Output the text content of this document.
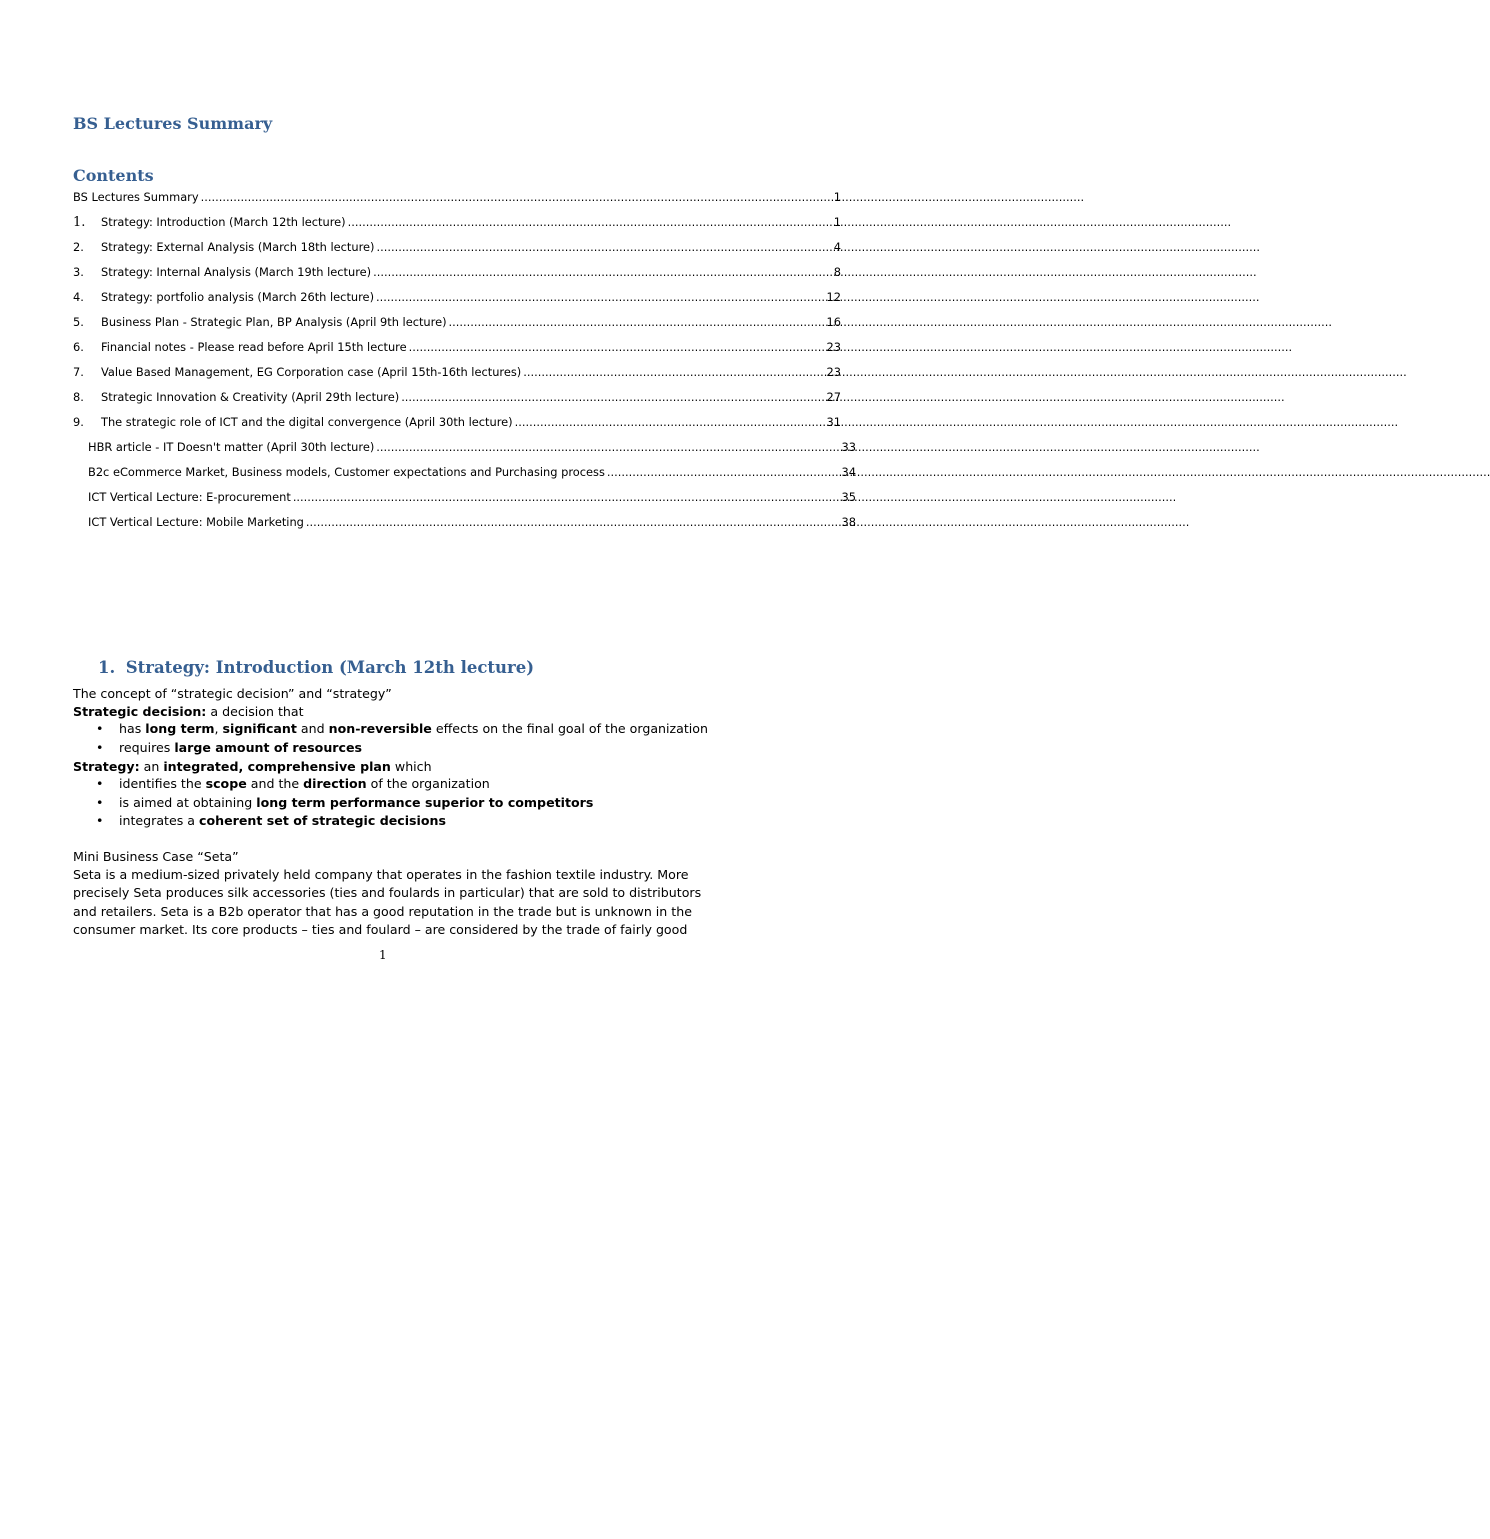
BS Lectures Summary
Contents
BS Lectures Summary .....	1
1.	Strategy: Introduction (March 12th lecture) .....	1
2.	Strategy: External Analysis (March 18th lecture) .....	4
3.	Strategy: Internal Analysis (March 19th lecture) .....	8
4.	Strategy: portfolio analysis (March 26th lecture) .....	12
5.	Business Plan - Strategic Plan, BP Analysis (April 9th lecture) .....	16
6.	Financial notes - Please read before April 15th lecture .....	23
7.	Value Based Management, EG Corporation case (April 15th-16th lectures) .....	23
8.	Strategic Innovation & Creativity (April 29th lecture) .....	27
9.	The strategic role of ICT and the digital convergence (April 30th lecture) .....	31
HBR article - IT Doesn't matter (April 30th lecture) .....	33
B2c eCommerce Market, Business models, Customer expectations and Purchasing process .....	34
ICT Vertical Lecture: E-procurement .....	35
ICT Vertical Lecture: Mobile Marketing .....	38
1. Strategy: Introduction (March 12th lecture)
The concept of “strategic decision” and “strategy”
Strategic decision: a decision that
• has long term, significant and non-reversible effects on the final goal of the organization
• requires large amount of resources
Strategy: an integrated, comprehensive plan which
• identifies the scope and the direction of the organization
• is aimed at obtaining long term performance superior to competitors
• integrates a coherent set of strategic decisions
Mini Business Case “Seta”
Seta is a medium-sized privately held company that operates in the fashion textile industry. More
precisely Seta produces silk accessories (ties and foulards in particular) that are sold to distributors
and retailers. Seta is a B2b operator that has a good reputation in the trade but is unknown in the
consumer market. Its core products – ties and foulard – are considered by the trade of fairly good
1
